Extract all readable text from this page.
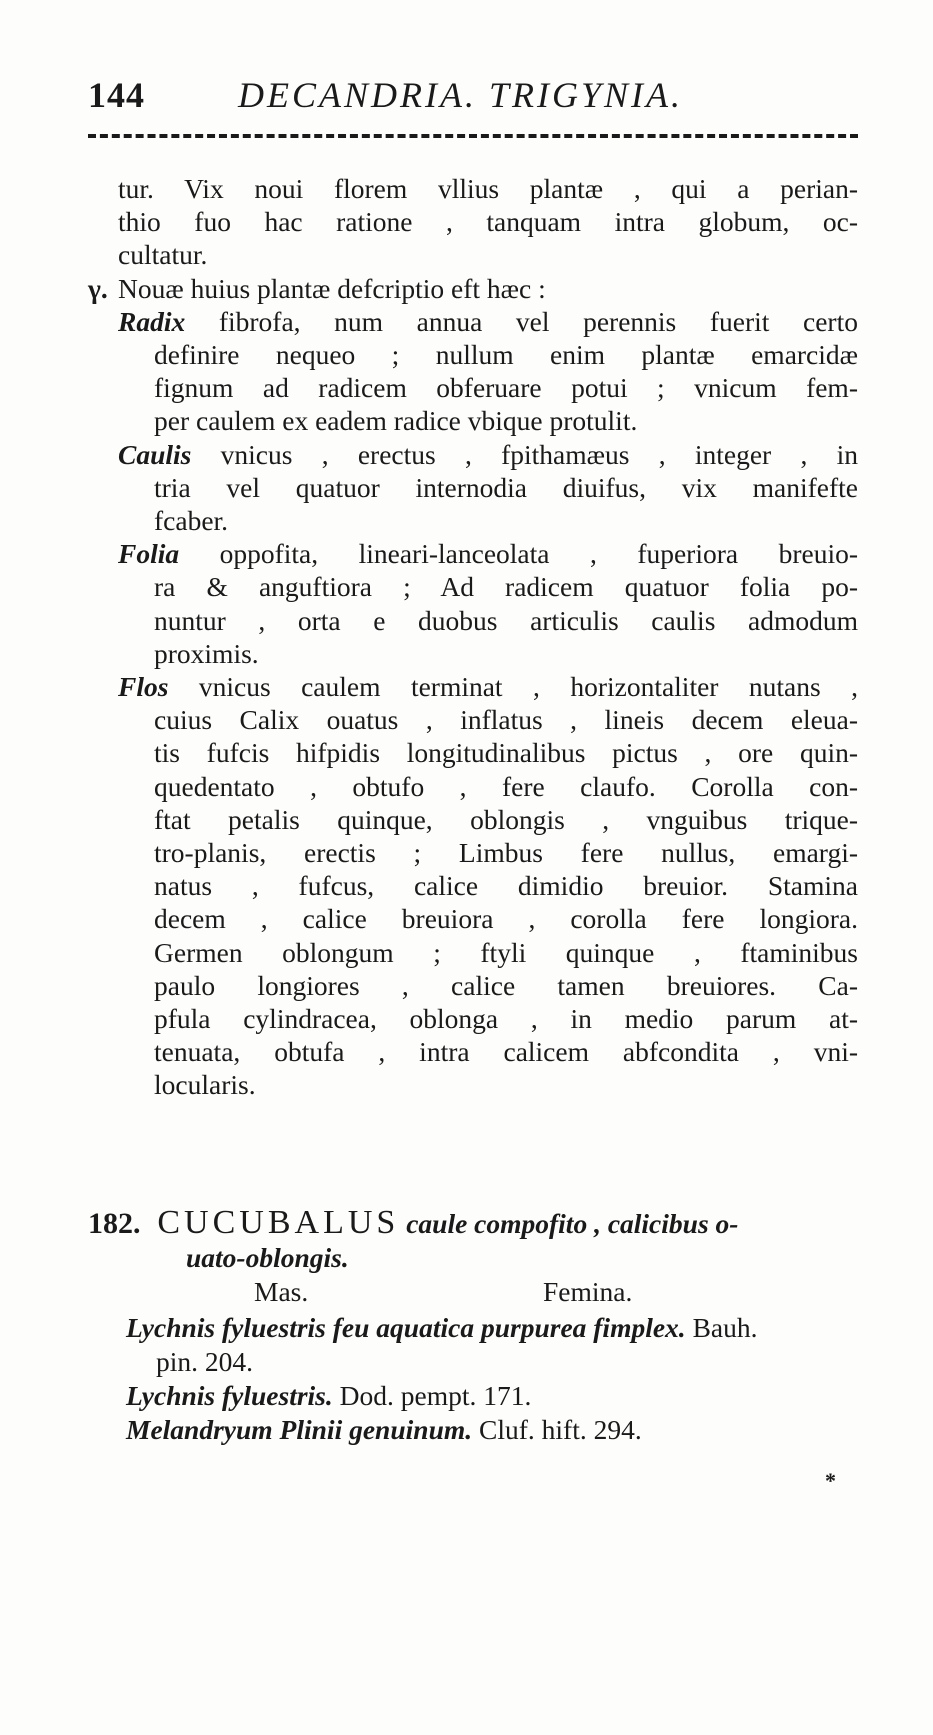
144	DECANDRIA. TRIGYNIA.
tur. Vix noui florem vllius plantæ , qui a perian-
thio fuo hac ratione , tanquam intra globum, oc-
cultatur.
γ. Nouæ huius plantæ defcriptio eft hæc :
Radix fibrofa, num annua vel perennis fuerit certo
definire nequeo ; nullum enim plantæ emarcidæ
fignum ad radicem obferuare potui ; vnicum fem-
per caulem ex eadem radice vbique protulit.
Caulis vnicus , erectus , fpithamæus , integer , in
tria vel quatuor internodia diuifus, vix manifefte
fcaber.
Folia oppofita, lineari-lanceolata , fuperiora breuio-
ra & anguftiora ; Ad radicem quatuor folia po-
nuntur , orta e duobus articulis caulis admodum
proximis.
Flos vnicus caulem terminat , horizontaliter nutans ,
cuius Calix ouatus , inflatus , lineis decem eleua-
tis fufcis hifpidis longitudinalibus pictus , ore quin-
quedentato , obtufo , fere claufo. Corolla con-
ftat petalis quinque, oblongis , vnguibus trique-
tro-planis, erectis ; Limbus fere nullus, emargi-
natus , fufcus, calice dimidio breuior. Stamina
decem , calice breuiora , corolla fere longiora.
Germen oblongum ; ftyli quinque , ftaminibus
paulo longiores , calice tamen breuiores. Ca-
pfula cylindracea, oblonga , in medio parum at-
tenuata, obtufa , intra calicem abfcondita , vni-
locularis.
182. CUCUBALUS caule compofito , calicibus o-
uato-oblongis.
Mas.	Femina.
Lychnis fyluestris feu aquatica purpurea fimplex. Bauh.
pin. 204.
Lychnis fyluestris. Dod. pempt. 171.
Melandryum Plinii genuinum. Cluf. hift. 294.
*
